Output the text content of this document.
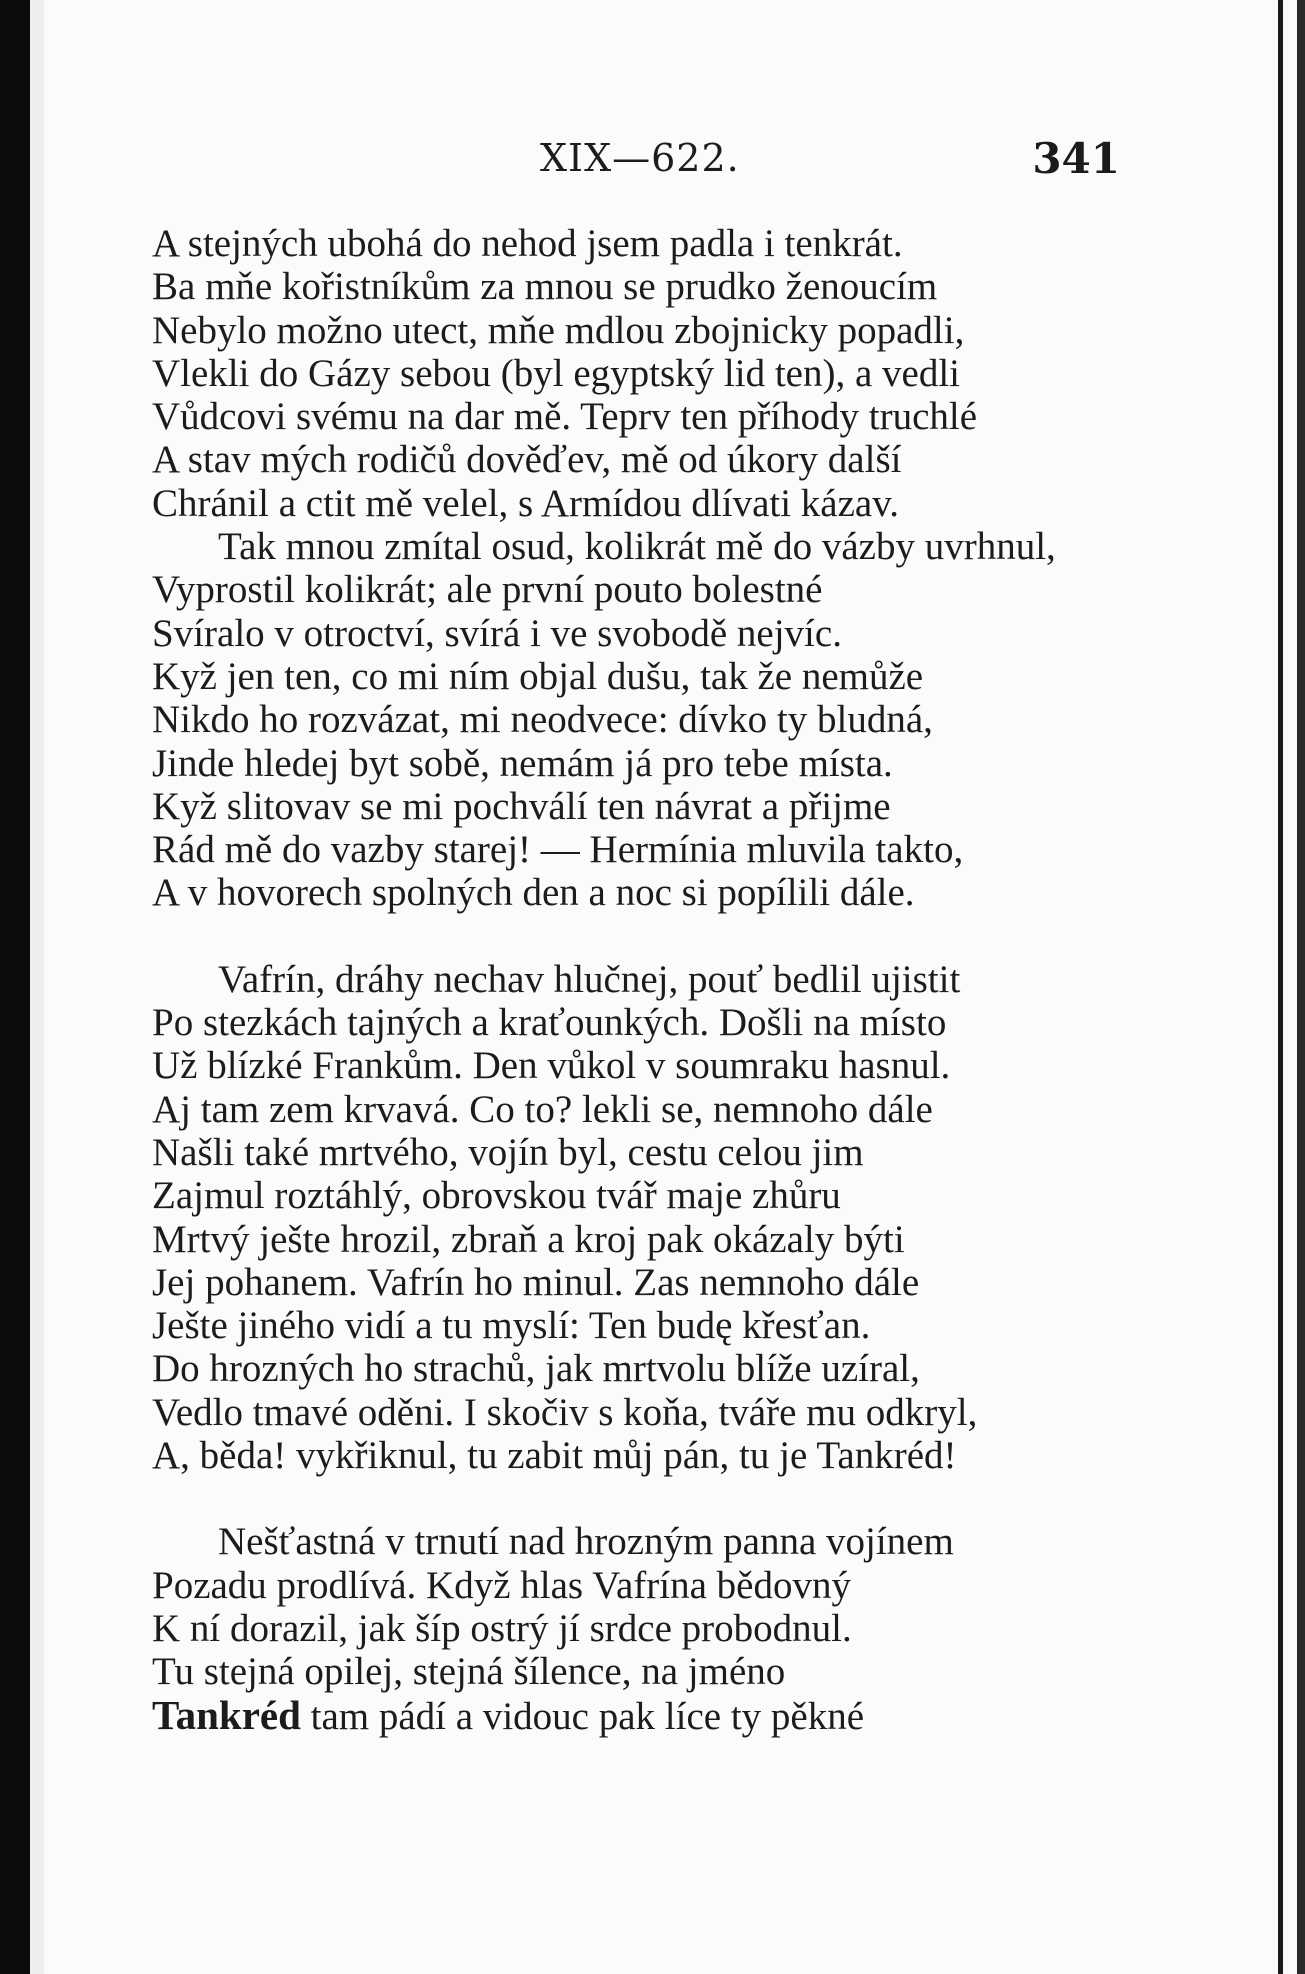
XIX—622.	341
A stejných ubohá do nehod jsem padla i tenkrát.
Ba mňe kořistníkům za mnou se prudko ženoucím
Nebylo možno utect, mňe mdlou zbojnicky popadli,
Vlekli do Gázy sebou (byl egyptský lid ten), a vedli
Vůdcovi svému na dar mě. Teprv ten příhody truchlé
A stav mých rodičů dověďev, mě od úkory další
Chránil a ctit mě velel, s Armídou dlívati kázav.
Tak mnou zmítal osud, kolikrát mě do vázby uvrhnul,
Vyprostil kolikrát; ale první pouto bolestné
Svíralo v otroctví, svírá i ve svobodě nejvíc.
Kyž jen ten, co mi ním objal dušu, tak že nemůže
Nikdo ho rozvázat, mi neodvece: dívko ty bludná,
Jinde hledej byt sobě, nemám já pro tebe místa.
Kyž slitovav se mi pochválí ten návrat a přijme
Rád mě do vazby starej! — Hermínia mluvila takto,
A v hovorech spolných den a noc si popílili dále.
Vafrín, dráhy nechav hlučnej, pouť bedlil ujistit
Po stezkách tajných a kraťounkých. Došli na místo
Už blízké Frankům. Den vůkol v soumraku hasnul.
Aj tam zem krvavá. Co to? lekli se, nemnoho dále
Našli také mrtvého, vojín byl, cestu celou jim
Zajmul roztáhlý, obrovskou tvář maje zhůru
Mrtvý ješte hrozil, zbraň a kroj pak okázaly býti
Jej pohanem. Vafrín ho minul. Zas nemnoho dále
Ješte jiného vidí a tu myslí: Ten budę křesťan.
Do hrozných ho strachů, jak mrtvolu blíže uzíral,
Vedlo tmavé oděni. I skočiv s koňa, tváře mu odkryl,
A, běda! vykřiknul, tu zabit můj pán, tu je Tankréd!
Nešťastná v trnutí nad hrozným panna vojínem
Pozadu prodlívá. Když hlas Vafrína bědovný
K ní dorazil, jak šíp ostrý jí srdce probodnul.
Tu stejná opilej, stejná šílence, na jméno
Tankréd tam pádí a vidouc pak líce ty pěkné
